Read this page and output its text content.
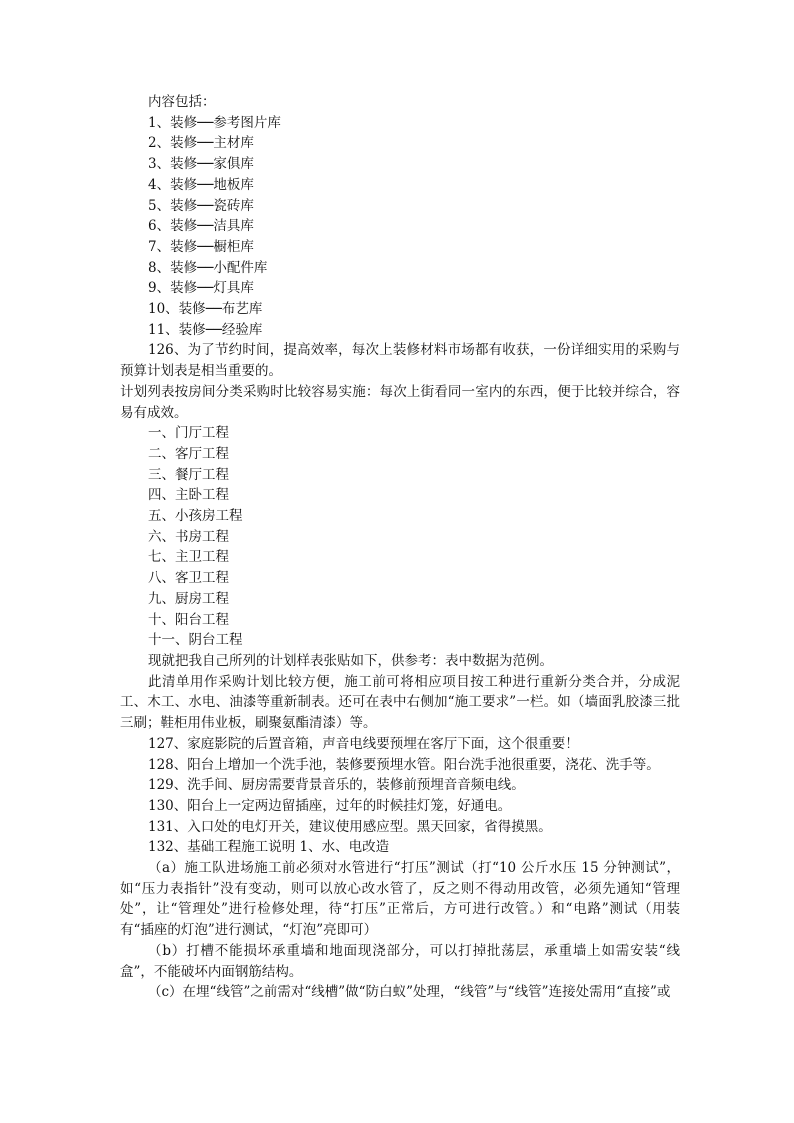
内容包括：
1、装修──参考图片库
2、装修──主材库
3、装修──家俱库
4、装修──地板库
5、装修──瓷砖库
6、装修──洁具库
7、装修──橱柜库
8、装修──小配件库
9、装修──灯具库
10、装修──布艺库
11、装修──经验库
126、为了节约时间，提高效率，每次上装修材料市场都有收获，一份详细实用的采购与预算计划表是相当重要的。
计划列表按房间分类采购时比较容易实施：每次上街看同一室内的东西，便于比较并综合，容易有成效。
一、门厅工程
二、客厅工程
三、餐厅工程
四、主卧工程
五、小孩房工程
六、书房工程
七、主卫工程
八、客卫工程
九、厨房工程
十、阳台工程
十一、阴台工程
现就把我自己所列的计划样表张贴如下，供参考：表中数据为范例。
此清单用作采购计划比较方便，施工前可将相应项目按工种进行重新分类合并，分成泥工、木工、水电、油漆等重新制表。还可在表中右侧加“施工要求”一栏。如（墙面乳胶漆三批三刷；鞋柜用伟业板，刷聚氨酯清漆）等。
127、家庭影院的后置音箱，声音电线要预埋在客厅下面，这个很重要！
128、阳台上增加一个洗手池，装修要预埋水管。阳台洗手池很重要，浇花、洗手等。
129、洗手间、厨房需要背景音乐的，装修前预埋音音频电线。
130、阳台上一定两边留插座，过年的时候挂灯笼，好通电。
131、入口处的电灯开关，建议使用感应型。黑天回家，省得摸黑。
132、基础工程施工说明 1、水、电改造
（a）施工队进场施工前必须对水管进行“打压”测试（打“10 公斤水压 15 分钟测试”，如“压力表指针”没有变动，则可以放心改水管了，反之则不得动用改管，必须先通知“管理处”，让“管理处”进行检修处理，待“打压”正常后，方可进行改管。）和“电路”测试（用装有“插座的灯泡”进行测试，“灯泡”亮即可）
（b）打槽不能损坏承重墙和地面现浇部分，可以打掉批荡层，承重墙上如需安装“线盒”，不能破坏内面钢筋结构。
（c）在埋“线管”之前需对“线槽”做“防白蚁”处理，“线管”与“线管”连接处需用“直接”或
